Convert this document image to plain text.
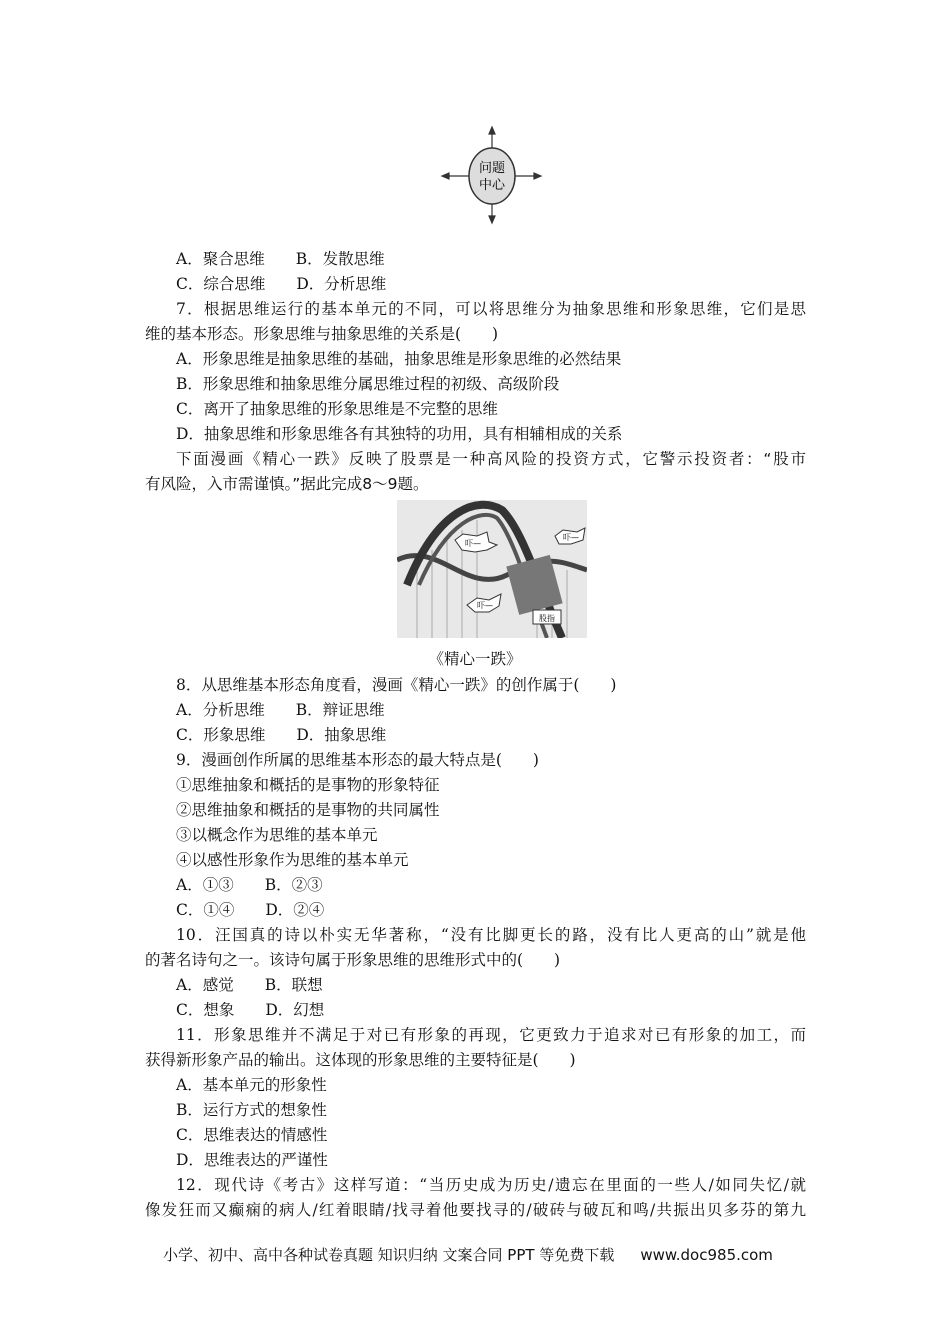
问题
中心
A．聚合思维　　B．发散思维
C．综合思维　　D．分析思维
7．根据思维运行的基本单元的不同，可以将思维分为抽象思维和形象思维，它们是思
维的基本形态。形象思维与抽象思维的关系是(　　)
A．形象思维是抽象思维的基础，抽象思维是形象思维的必然结果
B．形象思维和抽象思维分属思维过程的初级、高级阶段
C．离开了抽象思维的形象思维是不完整的思维
D．抽象思维和形象思维各有其独特的功用，具有相辅相成的关系
下面漫画《精心一跌》反映了股票是一种高风险的投资方式，它警示投资者：“股市
有风险，入市需谨慎。”据此完成8～9题。
吓—
吓—
吓—
股指
《精心一跌》
8．从思维基本形态角度看，漫画《精心一跌》的创作属于(　　)
A．分析思维　　B．辩证思维
C．形象思维　　D．抽象思维
9．漫画创作所属的思维基本形态的最大特点是(　　)
①思维抽象和概括的是事物的形象特征
②思维抽象和概括的是事物的共同属性
③以概念作为思维的基本单元
④以感性形象作为思维的基本单元
A．①③　　B．②③
C．①④　　D．②④
10．汪国真的诗以朴实无华著称，“没有比脚更长的路，没有比人更高的山”就是他
的著名诗句之一。该诗句属于形象思维的思维形式中的(　　)
A．感觉　　B．联想
C．想象　　D．幻想
11．形象思维并不满足于对已有形象的再现，它更致力于追求对已有形象的加工，而
获得新形象产品的输出。这体现的形象思维的主要特征是(　　)
A．基本单元的形象性
B．运行方式的想象性
C．思维表达的情感性
D．思维表达的严谨性
12．现代诗《考古》这样写道：“当历史成为历史/遗忘在里面的一些人/如同失忆/就
像发狂而又癫痫的病人/红着眼睛/找寻着他要找寻的/破砖与破瓦和鸣/共振出贝多芬的第九
小学、初中、高中各种试卷真题 知识归纳 文案合同 PPT 等免费下载 www.doc985.com
